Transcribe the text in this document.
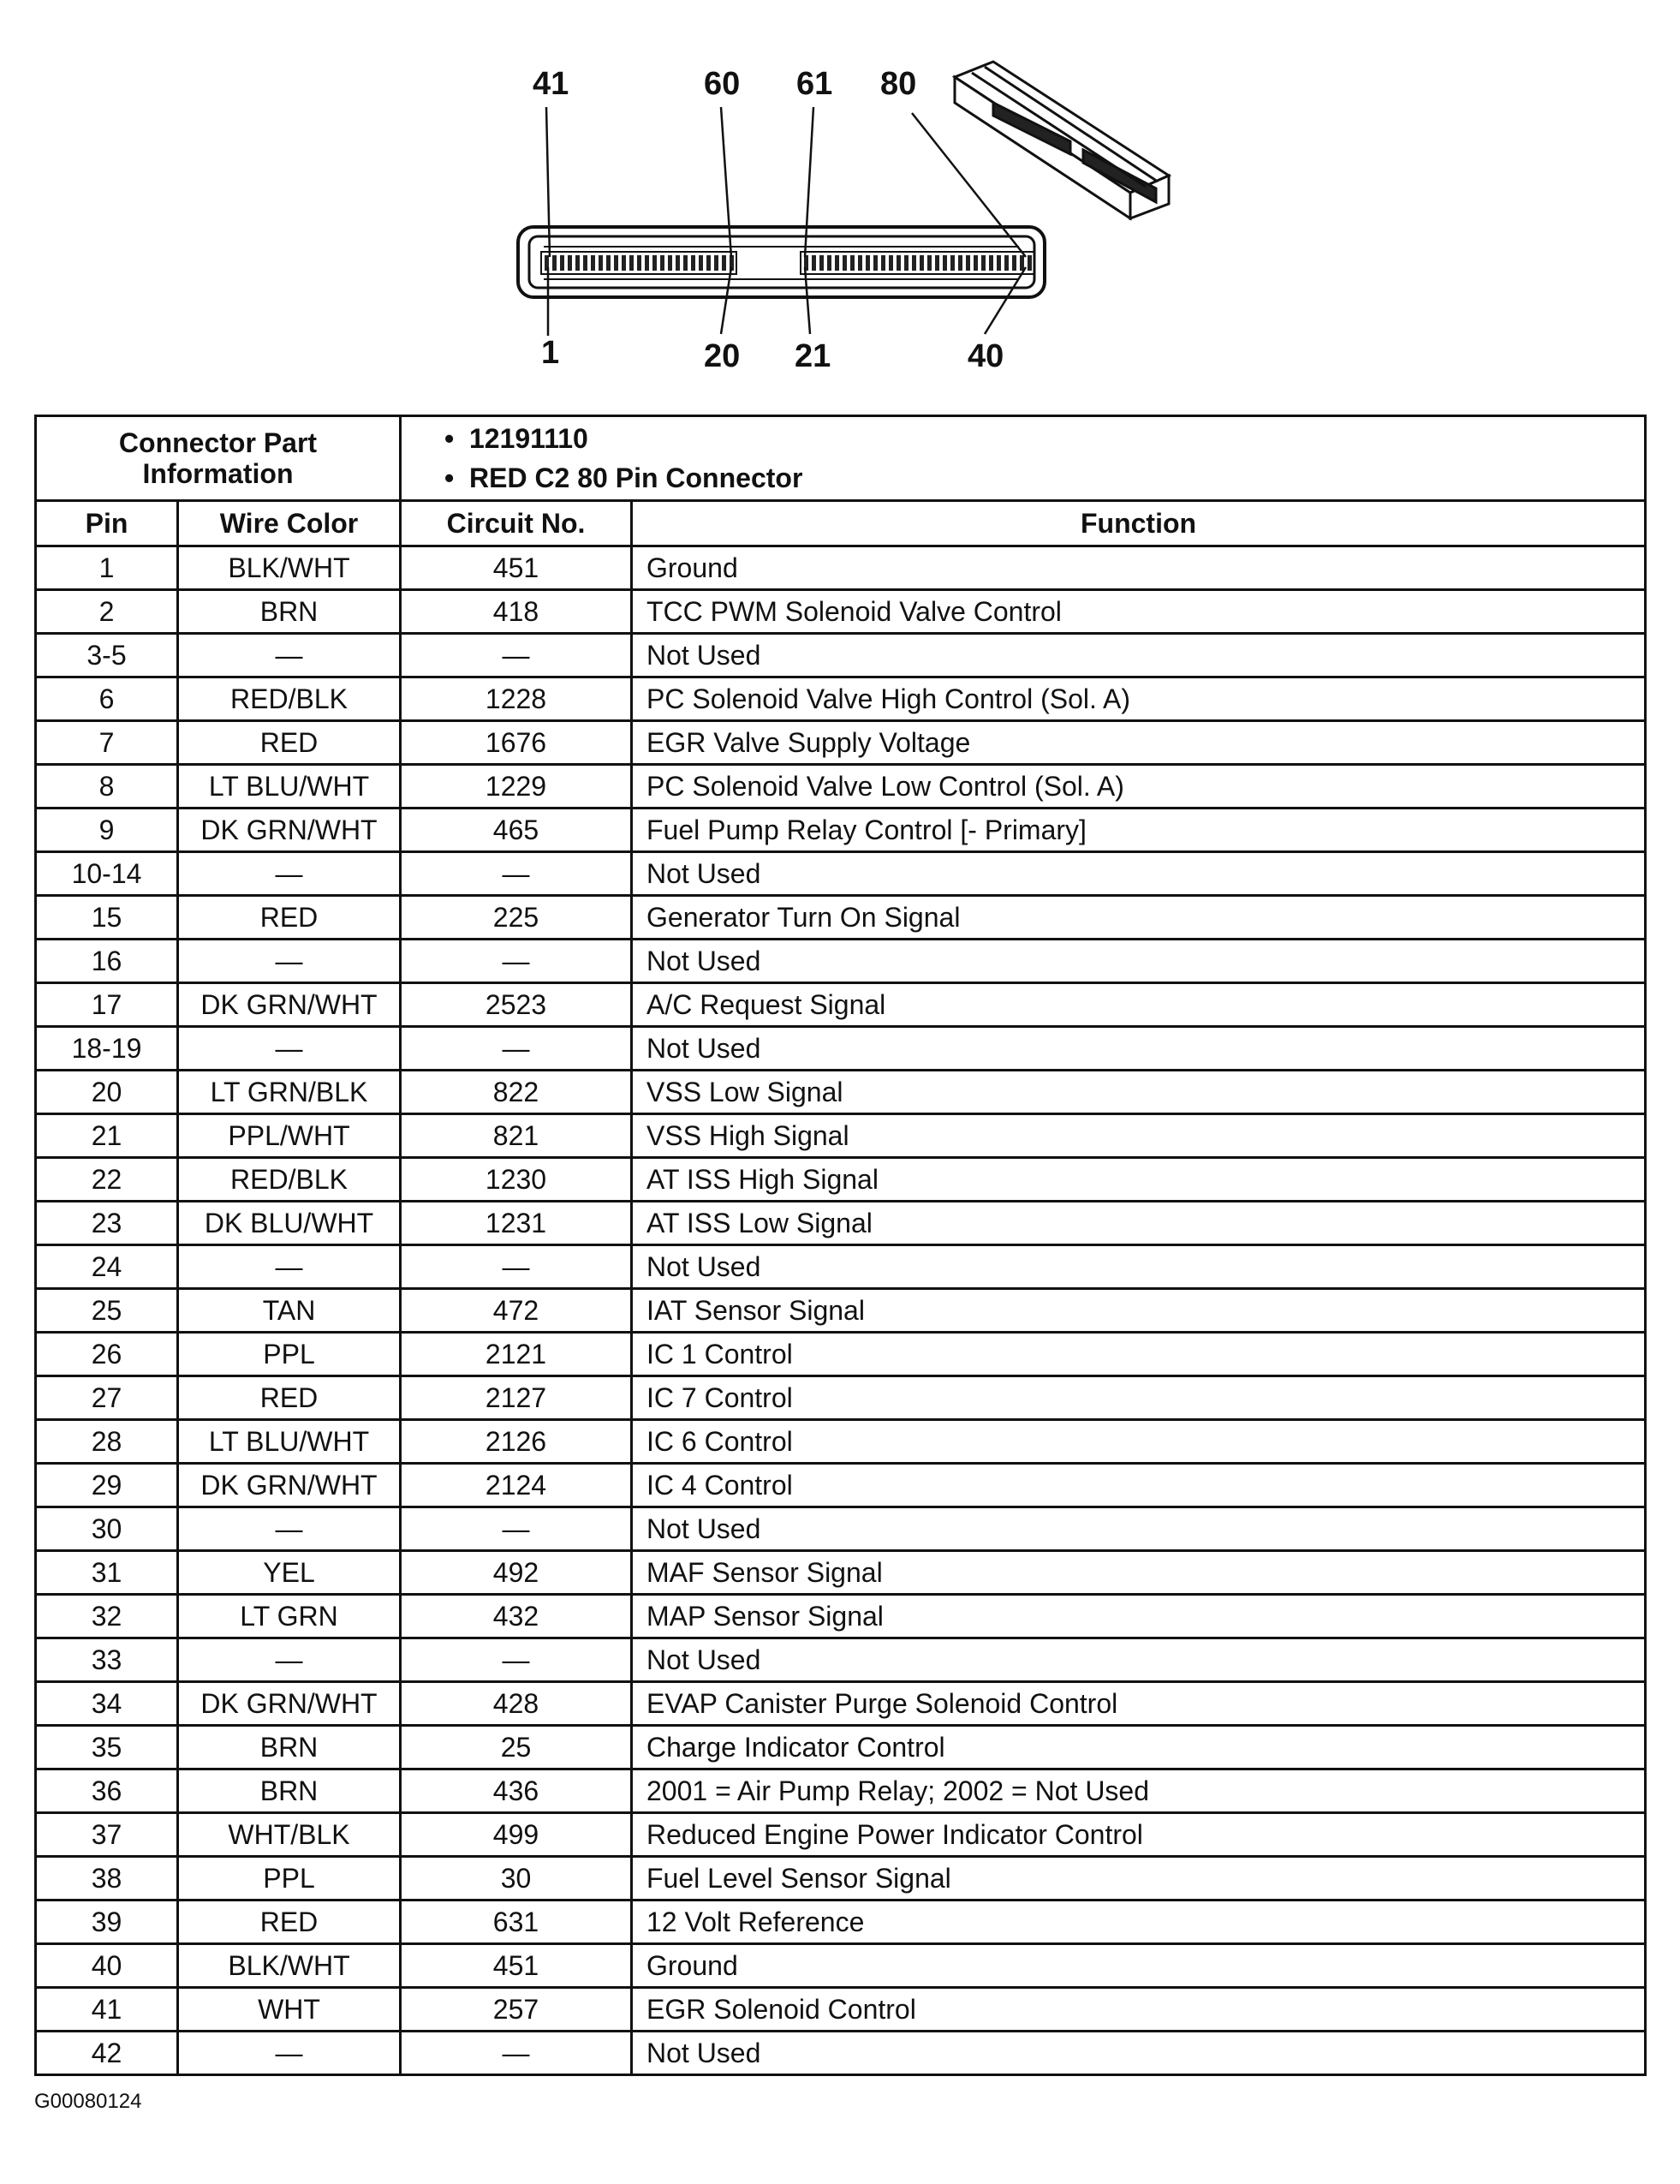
41	60 61 80
1	20 21	40
Connector Part Information		•  12191110
•  RED C2 80 Pin Connector

Pin	Wire Color	Circuit No.	Function
1	BLK/WHT	451	Ground
2	BRN	418	TCC PWM Solenoid Valve Control
3-5	—	—	Not Used
6	RED/BLK	1228	PC Solenoid Valve High Control (Sol. A)
7	RED	1676	EGR Valve Supply Voltage
8	LT BLU/WHT	1229	PC Solenoid Valve Low Control (Sol. A)
9	DK GRN/WHT	465	Fuel Pump Relay Control [- Primary]
10-14	—	—	Not Used
15	RED	225	Generator Turn On Signal
16	—	—	Not Used
17	DK GRN/WHT	2523	A/C Request Signal
18-19	—	—	Not Used
20	LT GRN/BLK	822	VSS Low Signal
21	PPL/WHT	821	VSS High Signal
22	RED/BLK	1230	AT ISS High Signal
23	DK BLU/WHT	1231	AT ISS Low Signal
24	—	—	Not Used
25	TAN	472	IAT Sensor Signal
26	PPL	2121	IC 1 Control
27	RED	2127	IC 7 Control
28	LT BLU/WHT	2126	IC 6 Control
29	DK GRN/WHT	2124	IC 4 Control
30	—	—	Not Used
31	YEL	492	MAF Sensor Signal
32	LT GRN	432	MAP Sensor Signal
33	—	—	Not Used
34	DK GRN/WHT	428	EVAP Canister Purge Solenoid Control
35	BRN	25	Charge Indicator Control
36	BRN	436	2001 = Air Pump Relay; 2002 = Not Used
37	WHT/BLK	499	Reduced Engine Power Indicator Control
38	PPL	30	Fuel Level Sensor Signal
39	RED	631	12 Volt Reference
40	BLK/WHT	451	Ground
41	WHT	257	EGR Solenoid Control
42	—	—	Not Used
G00080124
